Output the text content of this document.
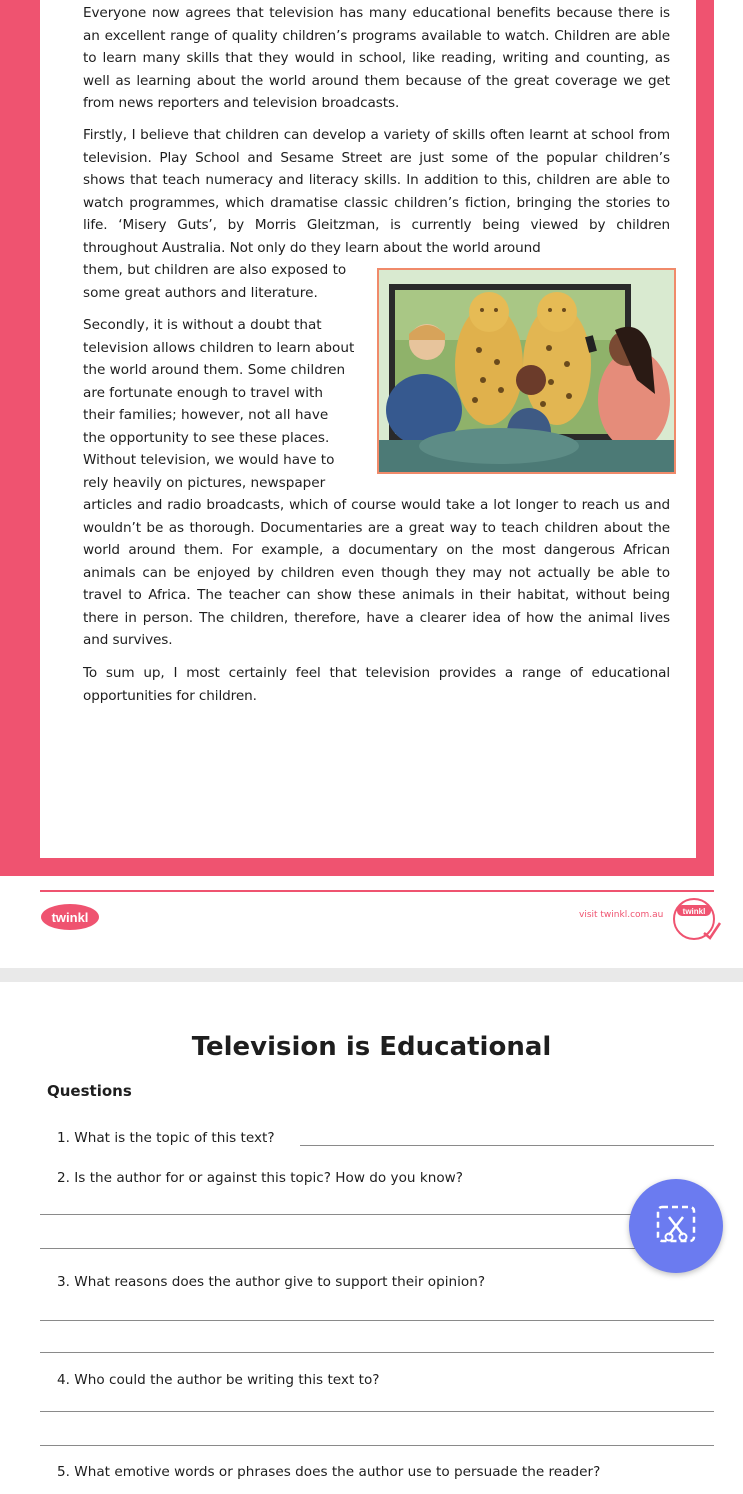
Everyone now agrees that television has many educational benefits because there is an excellent range of quality children’s programs available to watch. Children are able to learn many skills that they would in school, like reading, writing and counting, as well as learning about the world around them because of the great coverage we get from news reporters and television broadcasts.

Firstly, I believe that children can develop a variety of skills often learnt at school from television. Play School and Sesame Street are just some of the popular children’s shows that teach numeracy and literacy skills. In addition to this, children are able to watch programmes, which dramatise classic children’s fiction, bringing the stories to life. ‘Misery Guts’, by Morris Gleitzman, is currently being viewed by children throughout Australia. Not only do they learn about the world around

them, but children are also exposed to

some great authors and literature.

Secondly, it is without a doubt that

television allows children to learn about

the world around them. Some children

are fortunate enough to travel with

their families; however, not all have

the opportunity to see these places.

Without television, we would have to

rely heavily on pictures, newspaper

articles and radio broadcasts, which of course would take a lot longer to reach us and wouldn’t be as thorough. Documentaries are a great way to teach children about the world around them. For example, a documentary on the most dangerous African animals can be enjoyed by children even though they may not actually be able to travel to Africa. The teacher can show these animals in their habitat, without being there in person. The children, therefore, have a clearer idea of how the animal lives and survives.

To sum up, I most certainly feel that television provides a range of educational opportunities for children.

twinkl	visit twinkl.com.au twinkl
Television is Educational
Questions

1. What is the topic of this text?

2. Is the author for or against this topic? How do you know?

3. What reasons does the author give to support their opinion?

4. Who could the author be writing this text to?

5. What emotive words or phrases does the author use to persuade the reader?
